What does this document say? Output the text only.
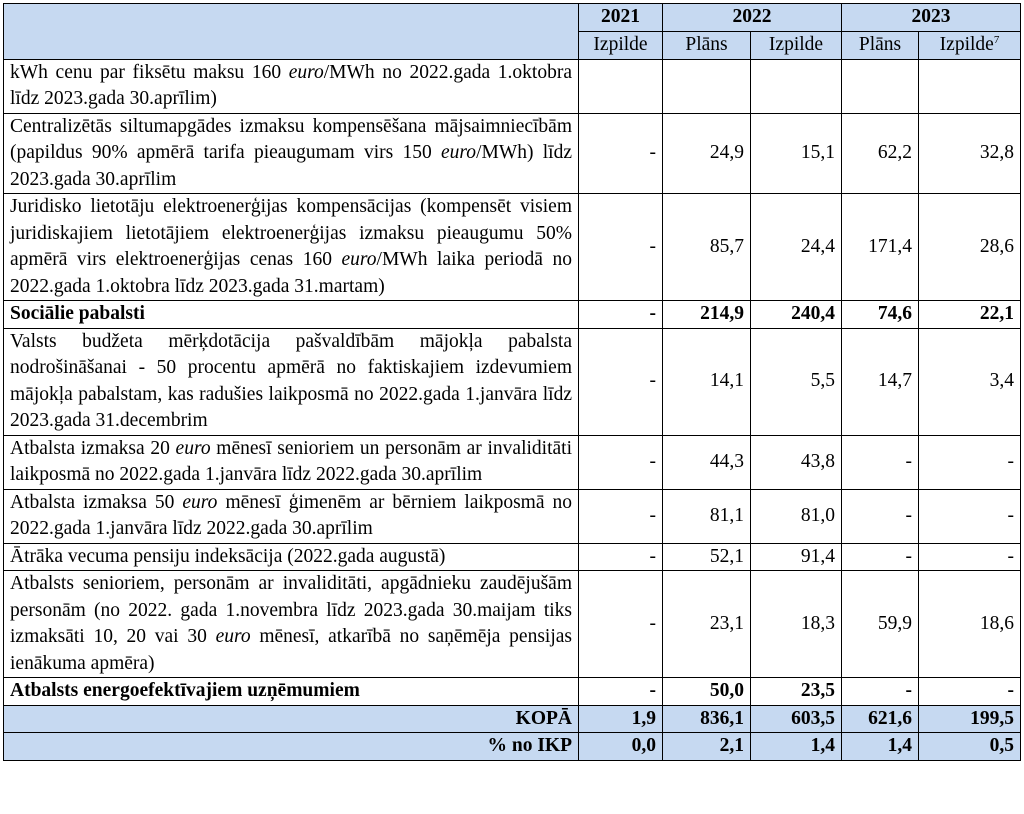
	2021	2022		2023	
	Izpilde	Plāns	Izpilde	Plāns	Izpilde$^7$
kWh cenu par fiksētu maksu 160 euro/MWh no 2022.gada 1.oktobra līdz 2023.gada 30.aprīlim)					
Centralizētās siltumapgādes izmaksu kompensēšana mājsaimniecībām (papildus 90% apmērā tarifa pieaugumam virs 150 euro/MWh) līdz 2023.gada 30.aprīlim	-	24,9	15,1	62,2	32,8
Juridisko lietotāju elektroenerģijas kompensācijas (kompensēt visiem juridiskajiem lietotājiem elektroenerģijas izmaksu pieaugumu 50% apmērā virs elektroenerģijas cenas 160 euro/MWh laika periodā no 2022.gada 1.oktobra līdz 2023.gada 31.martam)	-	85,7	24,4	171,4	28,6
Sociālie pabalsti	-	214,9	240,4	74,6	22,1
Valsts budžeta mērķdotācija pašvaldībām mājokļa pabalsta nodrošināšanai - 50 procentu apmērā no faktiskajiem izdevumiem mājokļa pabalstam, kas radušies laikposmā no 2022.gada 1.janvāra līdz 2023.gada 31.decembrim	-	14,1	5,5	14,7	3,4
Atbalsta izmaksa 20 euro mēnesī senioriem un personām ar invaliditāti laikposmā no 2022.gada 1.janvāra līdz 2022.gada 30.aprīlim	-	44,3	43,8	-	-
Atbalsta izmaksa 50 euro mēnesī ģimenēm ar bērniem laikposmā no 2022.gada 1.janvāra līdz 2022.gada 30.aprīlim	-	81,1	81,0	-	-
Ātrāka vecuma pensiju indeksācija (2022.gada augustā)	-	52,1	91,4	-	-
Atbalsts senioriem, personām ar invaliditāti, apgādnieku zaudējušām personām (no 2022. gada 1.novembra līdz 2023.gada 30.maijam tiks izmaksāti 10, 20 vai 30 euro mēnesī, atkarībā no saņēmēja pensijas ienākuma apmēra)	-	23,1	18,3	59,9	18,6
Atbalsts energoefektīvajiem uzņēmumiem	-	50,0	23,5	-	-
KOPĀ	1,9	836,1	603,5	621,6	199,5
% no IKP	0,0	2,1	1,4	1,4	0,5
